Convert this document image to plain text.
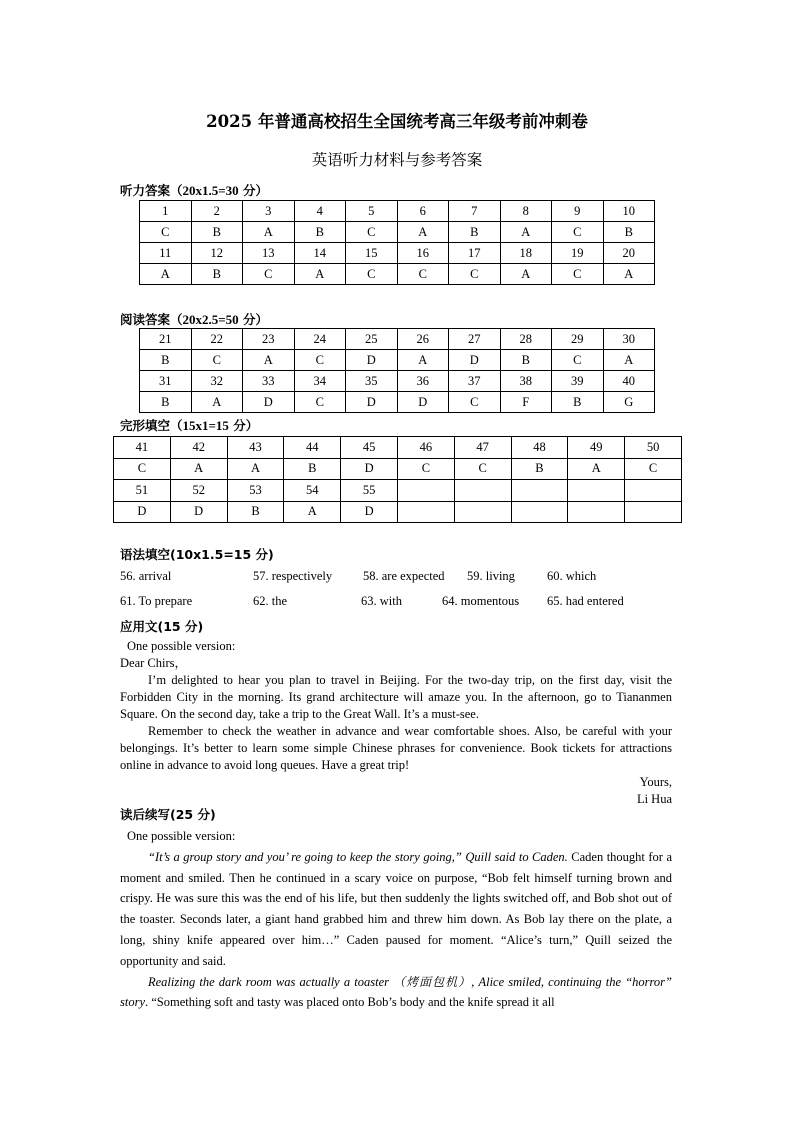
2025 年普通高校招生全国统考高三年级考前冲刺卷
英语听力材料与参考答案
听力答案（20x1.5=30 分）
1	2	3	4	5	6	7	8	9	10
C	B	A	B	C	A	B	A	C	B
11	12	13	14	15	16	17	18	19	20
A	B	C	A	C	C	C	A	C	A
阅读答案（20x2.5=50 分）
21	22	23	24	25	26	27	28	29	30
B	C	A	C	D	A	D	B	C	A
31	32	33	34	35	36	37	38	39	40
B	A	D	C	D	D	C	F	B	G
完形填空（15x1=15 分）
41	42	43	44	45	46	47	48	49	50
C	A	A	B	D	C	C	B	A	C
51	52	53	54	55					
D	D	B	A	D					
语法填空(10x1.5=15 分)
56. arrival	57. respectively 58. are expected 59. living	60. which
61. To prepare	62. the	63. with	64. momentous 65. had entered
应用文(15 分)

One possible version:

Dear Chirs，

I’m delighted to hear you plan to travel in Beijing. For the two-day trip, on the first day, visit the Forbidden City in the morning. Its grand architecture will amaze you. In the afternoon, go to Tiananmen Square. On the second day, take a trip to the Great Wall. It’s a must-see.

Remember to check the weather in advance and wear comfortable shoes. Also, be careful with your belongings. It’s better to learn some simple Chinese phrases for convenience. Book tickets for attractions online in advance to avoid long queues. Have a great trip!

Yours,

Li Hua

读后续写(25 分)

One possible version:

“It’s a group story and you’ re going to keep the story going,” Quill said to Caden. Caden thought for a moment and smiled. Then he continued in a scary voice on purpose, “Bob felt himself turning brown and crispy. He was sure this was the end of his life, but then suddenly the lights switched off, and Bob shot out of the toaster. Seconds later, a giant hand grabbed him and threw him down. As Bob lay there on the plate, a long, shiny knife appeared over him…” Caden paused for moment. “Alice’s turn,” Quill seized the opportunity and said.

Realizing the dark room was actually a toaster （烤面包机）, Alice smiled, continuing the “horror” story. “Something soft and tasty was placed onto Bob’s body and the knife spread it all
